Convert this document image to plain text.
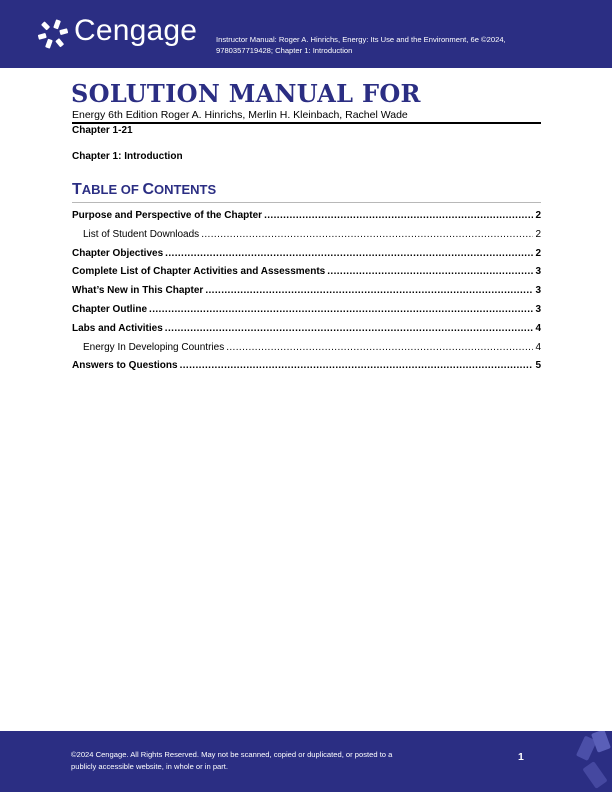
Cengage Instructor Manual: Roger A. Hinrichs, Energy: Its Use and the Environment, 6e ©2024,
9780357719428; Chapter 1: Introduction
SOLUTION MANUAL FOR
Energy 6th Edition Roger A. Hinrichs, Merlin H. Kleinbach, Rachel Wade
Chapter 1-21
Chapter 1: Introduction
TABLE OF CONTENTS
Purpose and Perspective of the Chapter .....	2
List of Student Downloads .....	2
Chapter Objectives .....	2
Complete List of Chapter Activities and Assessments .....	3
What’s New in This Chapter .....	3
Chapter Outline .....	3
Labs and Activities .....	4
Energy In Developing Countries .....	4
Answers to Questions .....	5
©2024 Cengage. All Rights Reserved. May not be scanned, copied or duplicated, or posted to a
publicly accessible website, in whole or in part.
1
